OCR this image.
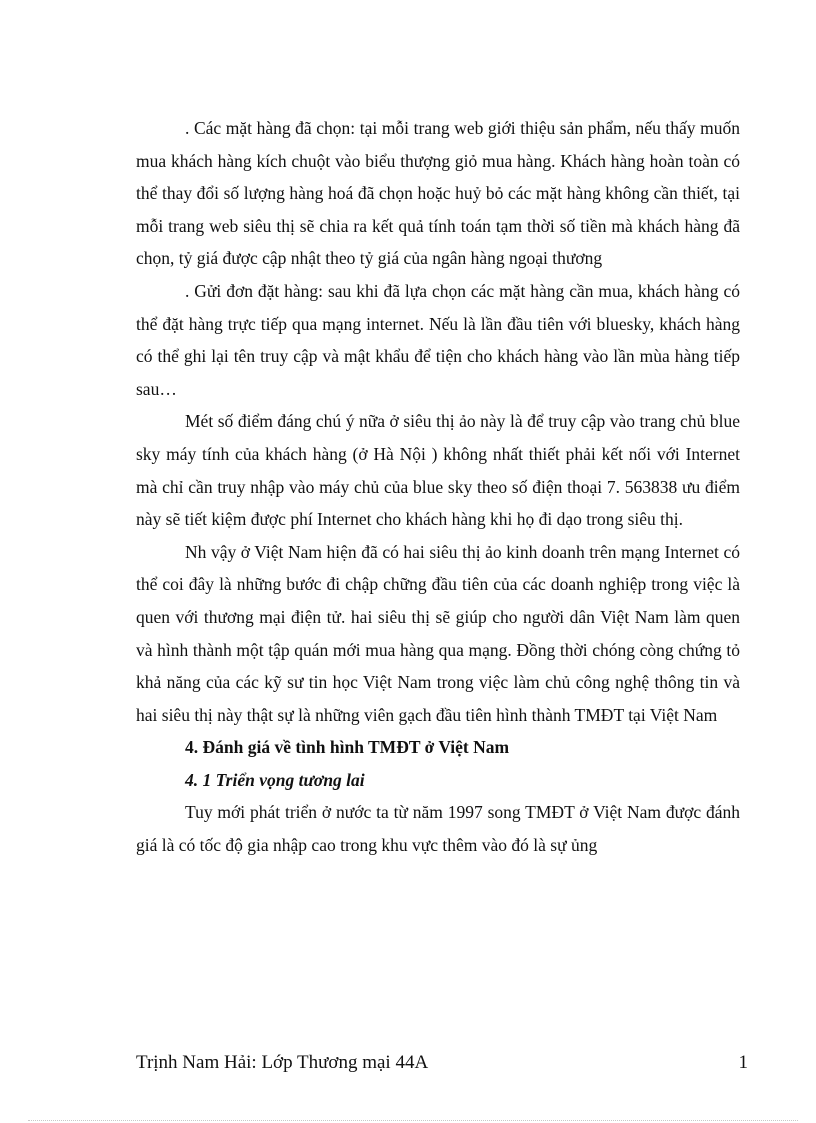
. Các mặt hàng đã chọn: tại mỗi trang web giới thiệu sản phẩm, nếu thấy muốn mua khách hàng kích chuột vào biểu thượng giỏ mua hàng. Khách hàng hoàn toàn có thể thay đổi số lượng hàng hoá đã chọn hoặc huỷ bỏ các mặt hàng không cần thiết, tại mỗi trang web siêu thị sẽ chia ra kết quả tính toán tạm thời số tiền mà khách hàng đã chọn, tỷ giá được cập nhật theo tỷ giá của ngân hàng ngoại thương

. Gửi đơn đặt hàng: sau khi đã lựa chọn các mặt hàng cần mua, khách hàng có thể đặt hàng trực tiếp qua mạng internet. Nếu là lần đầu tiên với bluesky, khách hàng có thể ghi lại tên truy cập và mật khẩu để tiện cho khách hàng vào lần mùa hàng tiếp sau…

Mét số điểm đáng chú ý nữa ở siêu thị ảo này là để truy cập vào trang chủ blue sky máy tính của khách hàng (ở Hà Nội ) không nhất thiết phải kết nối với Internet mà chỉ cần truy nhập vào máy chủ của blue sky theo số điện thoại 7. 563838 ưu điểm này sẽ tiết kiệm được phí Internet cho khách hàng khi họ đi dạo trong siêu thị.

Nh vậy ở Việt Nam hiện đã có hai siêu thị ảo kinh doanh trên mạng Internet có thể coi đây là những bước đi chập chững đầu tiên của các doanh nghiệp trong việc là quen với thương mại điện tử. hai siêu thị sẽ giúp cho người dân Việt Nam làm quen và hình thành một tập quán mới mua hàng qua mạng. Đồng thời chóng còng chứng tỏ khả năng của các kỹ sư tin học Việt Nam trong việc làm chủ công nghệ thông tin và hai siêu thị này thật sự là những viên gạch đầu tiên hình thành TMĐT tại Việt Nam

4. Đánh giá về tình hình TMĐT ở Việt Nam

4. 1 Triển vọng tương lai

Tuy mới phát triển ở nước ta từ năm 1997 song TMĐT ở Việt Nam được đánh giá là có tốc độ gia nhập cao trong khu vực thêm vào đó là sự ủng

Trịnh Nam Hải: Lớp Thương mại 44A	1
